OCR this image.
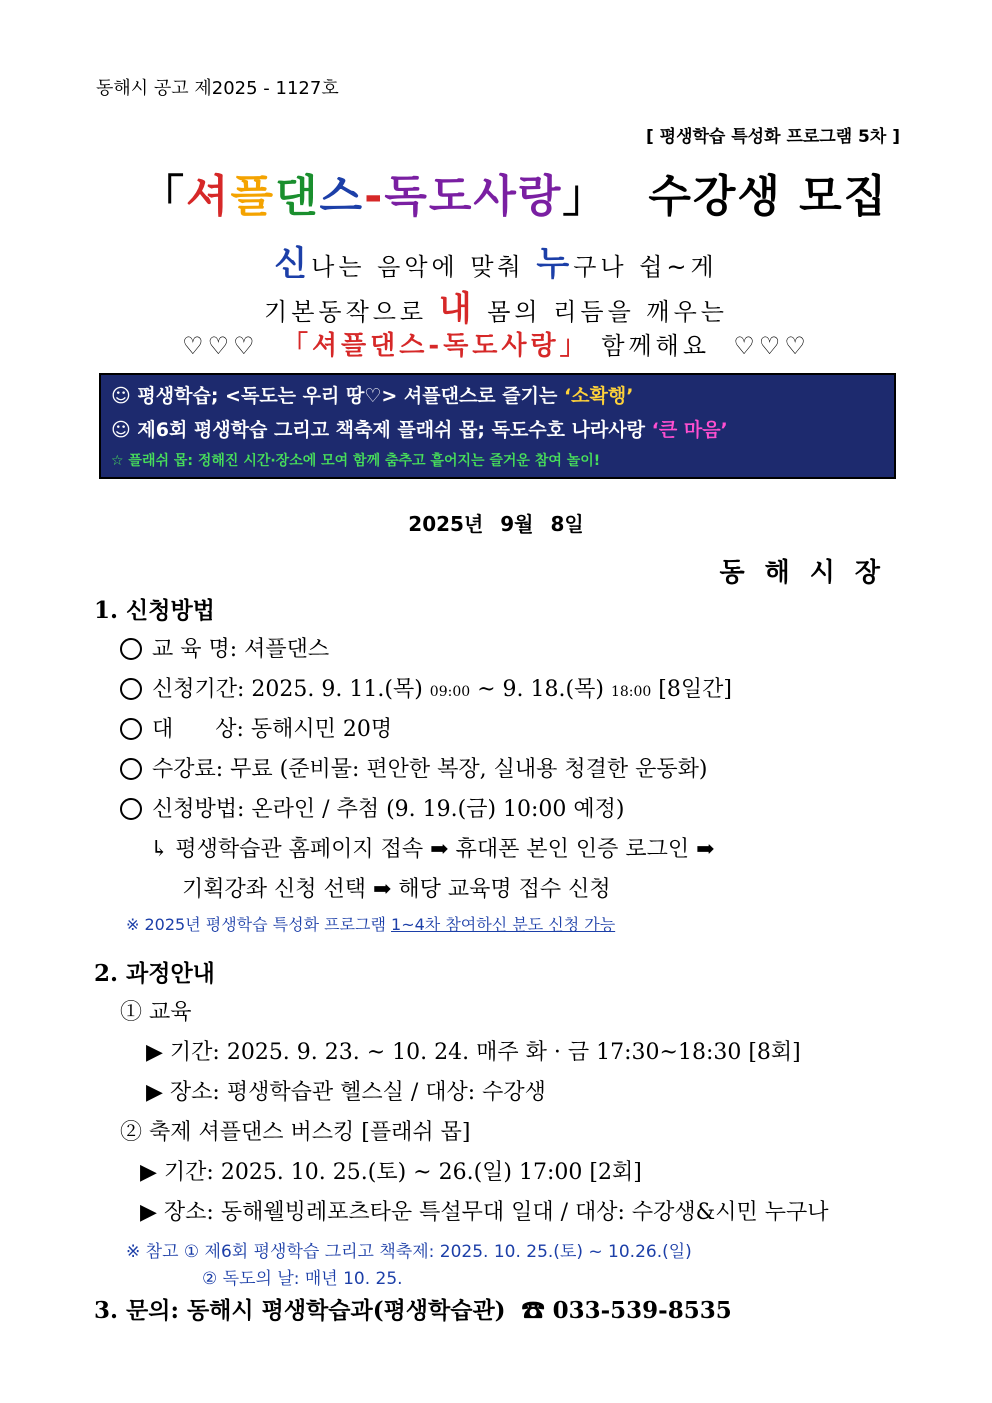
동해시 공고 제2025 - 1127호
[ 평생학습 특성화 프로그램 5차 ]
「셔플댄스-독도사랑」 수강생 모집
신나는 음악에 맞춰 누구나 쉽~게
기본동작으로 내 몸의 리듬을 깨우는
♡♡♡ 「셔플댄스-독도사랑」 함께해요 ♡♡♡
☺ 평생학습; <독도는 우리 땅♡> 셔플댄스로 즐기는 ‘소확행’
☺ 제6회 평생학습 그리고 책축제 플래쉬 몹; 독도수호 나라사랑 ‘큰 마음’
☆ 플래쉬 몹: 정해진 시간·장소에 모여 함께 춤추고 흩어지는 즐거운 참여 놀이!
2025년 9월 8일
동해시장
1. 신청방법
교 육 명: 셔플댄스
신청기간: 2025. 9. 11.(목) 09:00 ~ 9. 18.(목) 18:00 [8일간]
대      상: 동해시민 20명
수강료: 무료 (준비물: 편안한 복장, 실내용 청결한 운동화)
신청방법: 온라인 / 추첨 (9. 19.(금) 10:00 예정)
↳ 평생학습관 홈페이지 접속 ➡ 휴대폰 본인 인증 로그인 ➡
기획강좌 신청 선택 ➡ 해당 교육명 접수 신청
※ 2025년 평생학습 특성화 프로그램 1~4차 참여하신 분도 신청 가능
2. 과정안내
① 교육
▶ 기간: 2025. 9. 23. ~ 10. 24. 매주 화 · 금 17:30~18:30 [8회]
▶ 장소: 평생학습관 헬스실 / 대상: 수강생
② 축제 셔플댄스 버스킹 [플래쉬 몹]
▶ 기간: 2025. 10. 25.(토) ~ 26.(일) 17:00 [2회]
▶ 장소: 동해웰빙레포츠타운 특설무대 일대 / 대상: 수강생&시민 누구나
※ 참고 ① 제6회 평생학습 그리고 책축제: 2025. 10. 25.(토) ~ 10.26.(일)
② 독도의 날: 매년 10. 25.
3. 문의: 동해시 평생학습과(평생학습관) ☎ 033-539-8535
